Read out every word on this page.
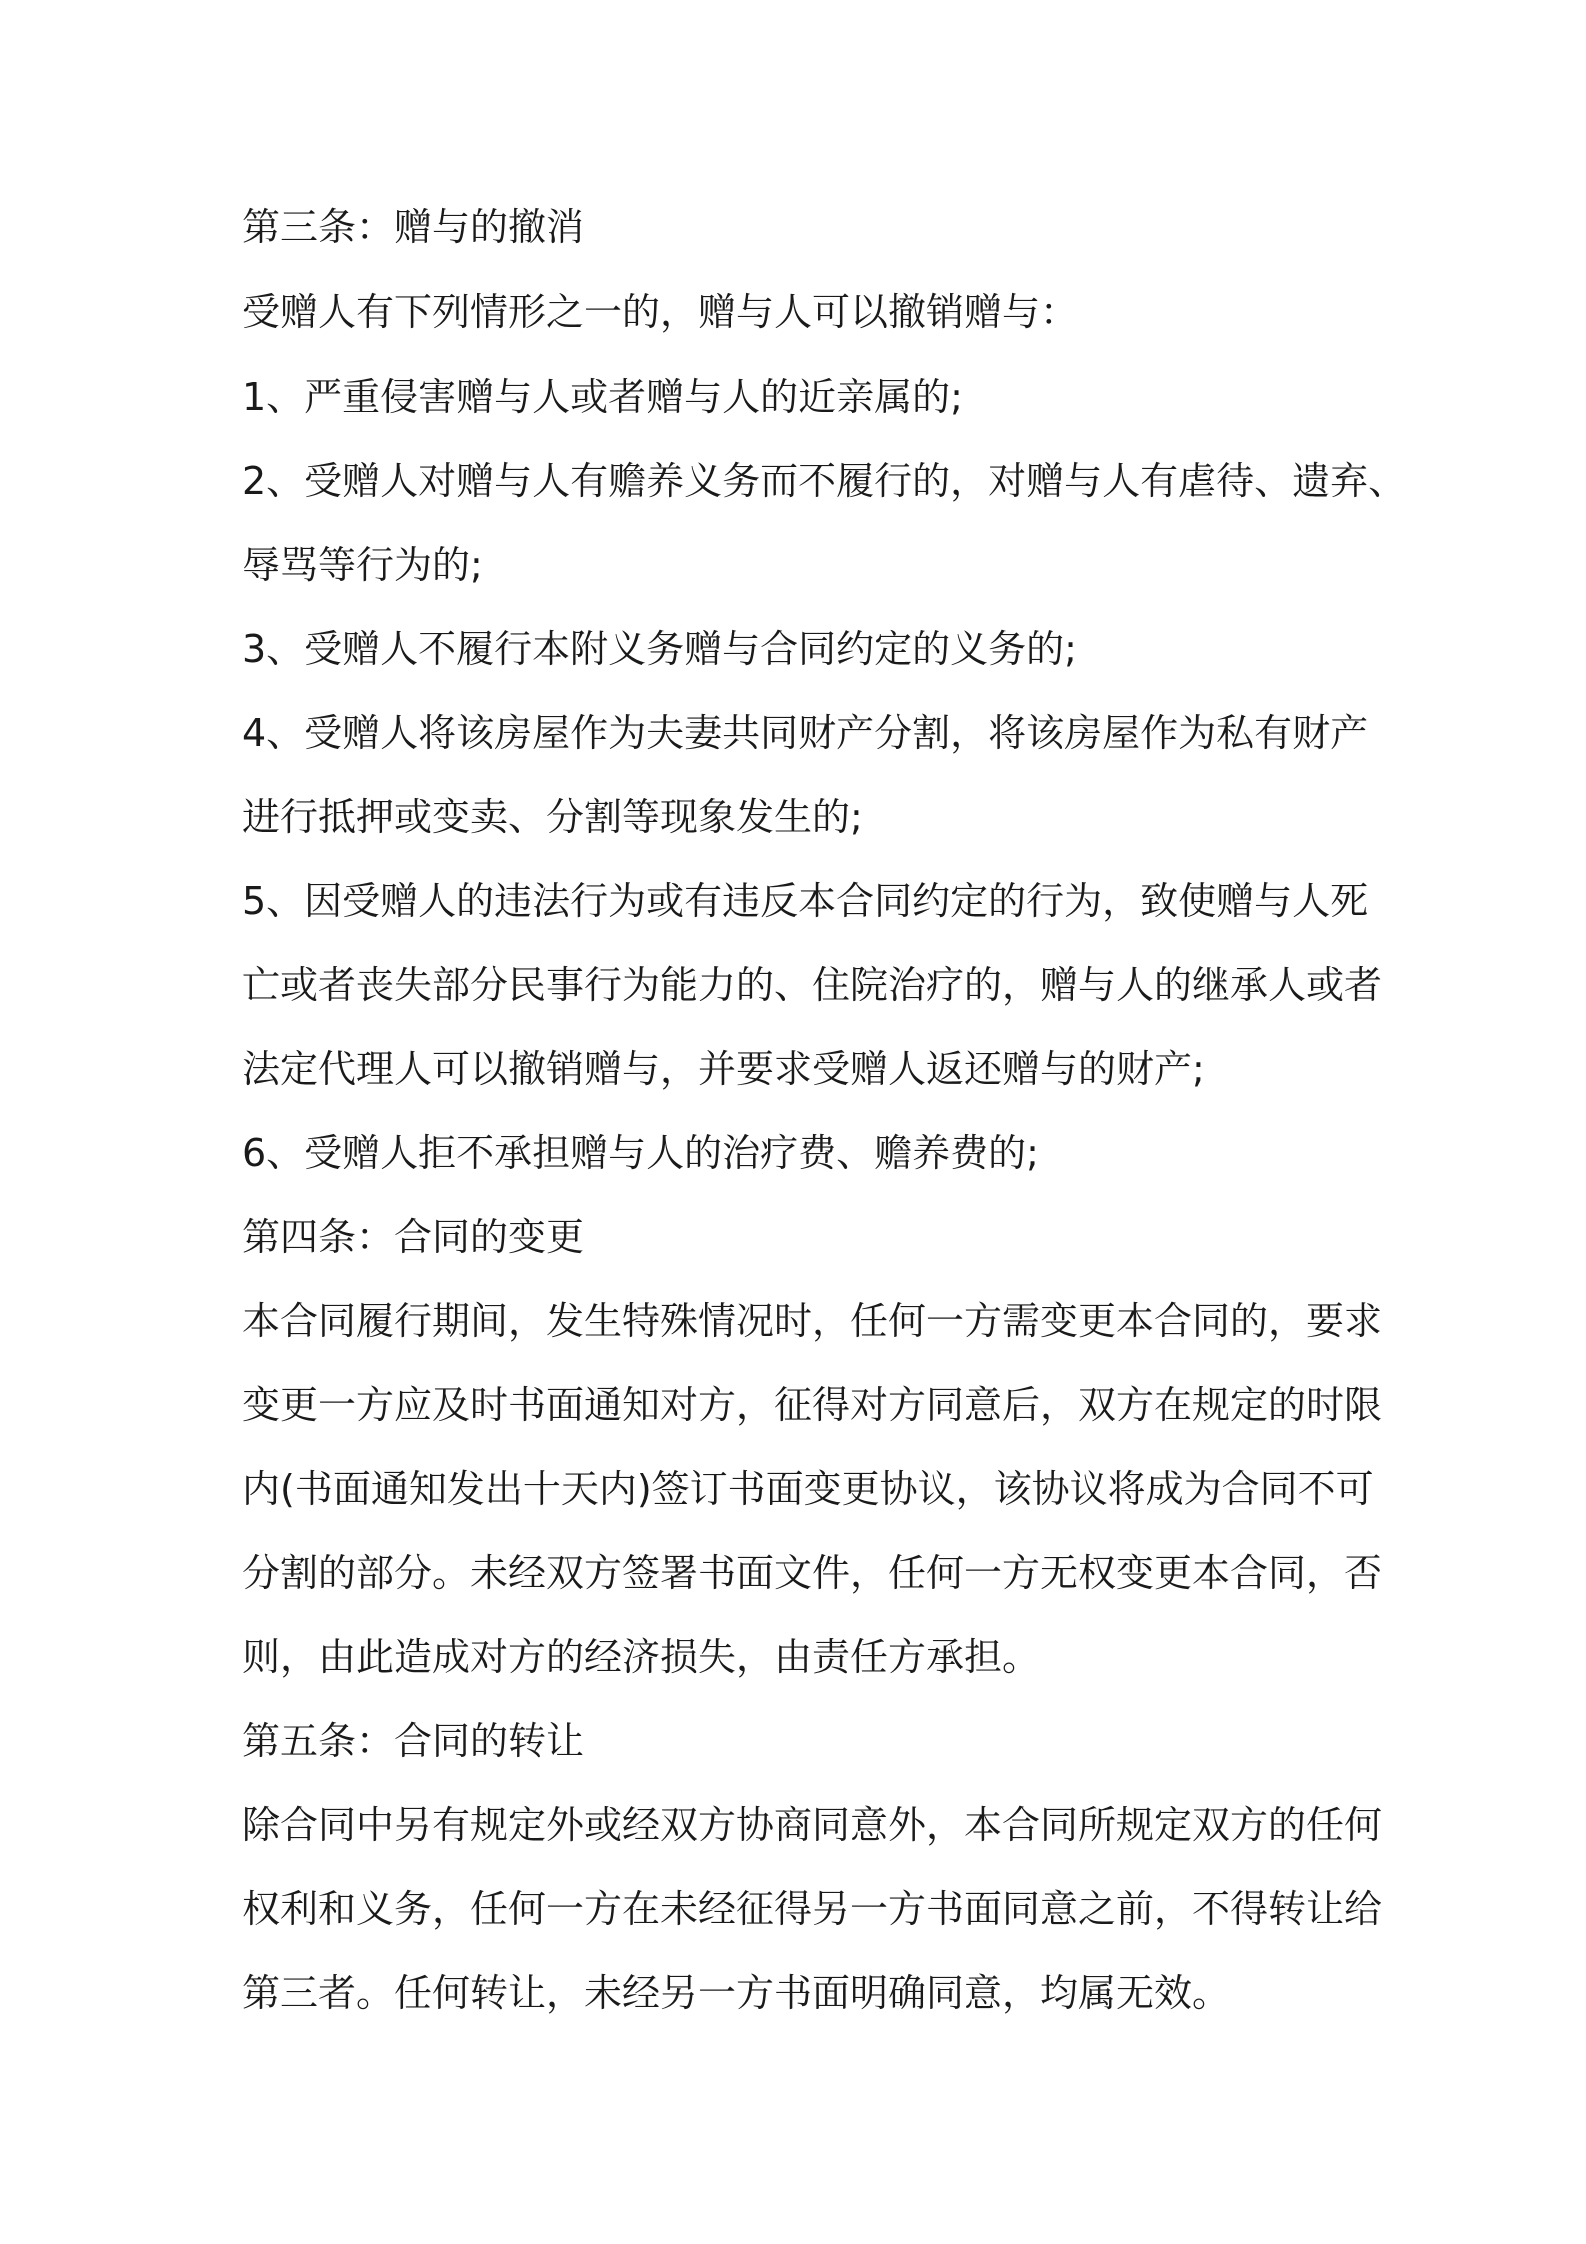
第三条：赠与的撤消
受赠人有下列情形之一的，赠与人可以撤销赠与：
1、严重侵害赠与人或者赠与人的近亲属的;
2、受赠人对赠与人有赡养义务而不履行的，对赠与人有虐待、遗弃、
辱骂等行为的;
3、受赠人不履行本附义务赠与合同约定的义务的;
4、受赠人将该房屋作为夫妻共同财产分割，将该房屋作为私有财产
进行抵押或变卖、分割等现象发生的;
5、因受赠人的违法行为或有违反本合同约定的行为，致使赠与人死
亡或者丧失部分民事行为能力的、住院治疗的，赠与人的继承人或者
法定代理人可以撤销赠与，并要求受赠人返还赠与的财产;
6、受赠人拒不承担赠与人的治疗费、赡养费的;
第四条：合同的变更
本合同履行期间，发生特殊情况时，任何一方需变更本合同的，要求
变更一方应及时书面通知对方，征得对方同意后，双方在规定的时限
内(书面通知发出十天内)签订书面变更协议，该协议将成为合同不可
分割的部分。未经双方签署书面文件，任何一方无权变更本合同，否
则，由此造成对方的经济损失，由责任方承担。
第五条：合同的转让
除合同中另有规定外或经双方协商同意外，本合同所规定双方的任何
权利和义务，任何一方在未经征得另一方书面同意之前，不得转让给
第三者。任何转让，未经另一方书面明确同意，均属无效。
